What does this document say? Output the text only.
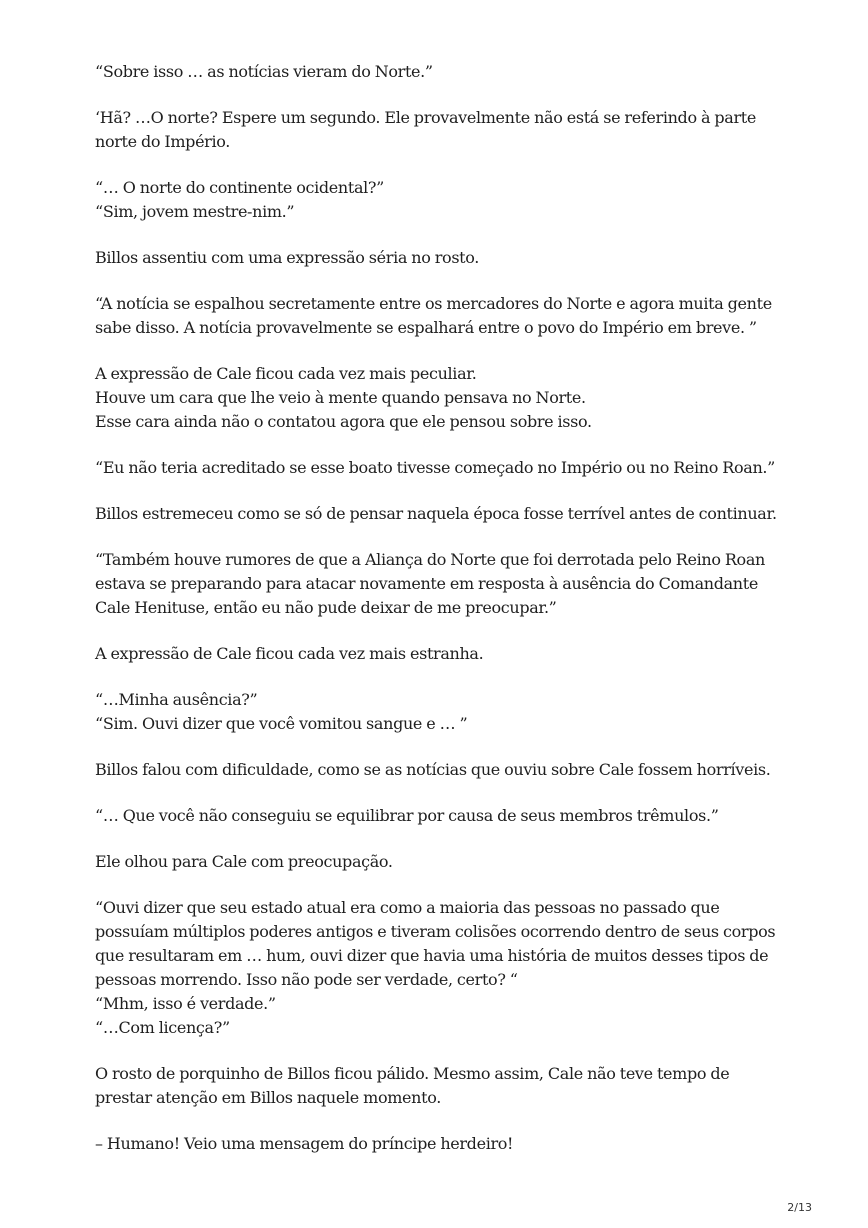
“Sobre isso … as notícias vieram do Norte.”

‘Hã? …O norte? Espere um segundo. Ele provavelmente não está se referindo à parte
norte do Império.

“… O norte do continente ocidental?”
“Sim, jovem mestre-nim.”

Billos assentiu com uma expressão séria no rosto.

“A notícia se espalhou secretamente entre os mercadores do Norte e agora muita gente
sabe disso. A notícia provavelmente se espalhará entre o povo do Império em breve. ”

A expressão de Cale ficou cada vez mais peculiar.
Houve um cara que lhe veio à mente quando pensava no Norte.
Esse cara ainda não o contatou agora que ele pensou sobre isso.

“Eu não teria acreditado se esse boato tivesse começado no Império ou no Reino Roan.”

Billos estremeceu como se só de pensar naquela época fosse terrível antes de continuar.

“Também houve rumores de que a Aliança do Norte que foi derrotada pelo Reino Roan
estava se preparando para atacar novamente em resposta à ausência do Comandante
Cale Henituse, então eu não pude deixar de me preocupar.”

A expressão de Cale ficou cada vez mais estranha.

“…Minha ausência?”
“Sim. Ouvi dizer que você vomitou sangue e … ”

Billos falou com dificuldade, como se as notícias que ouviu sobre Cale fossem horríveis.

“… Que você não conseguiu se equilibrar por causa de seus membros trêmulos.”

Ele olhou para Cale com preocupação.

“Ouvi dizer que seu estado atual era como a maioria das pessoas no passado que
possuíam múltiplos poderes antigos e tiveram colisões ocorrendo dentro de seus corpos
que resultaram em … hum, ouvi dizer que havia uma história de muitos desses tipos de
pessoas morrendo. Isso não pode ser verdade, certo? “
“Mhm, isso é verdade.”
“…Com licença?”

O rosto de porquinho de Billos ficou pálido. Mesmo assim, Cale não teve tempo de
prestar atenção em Billos naquele momento.

– Humano! Veio uma mensagem do príncipe herdeiro!

2/13
